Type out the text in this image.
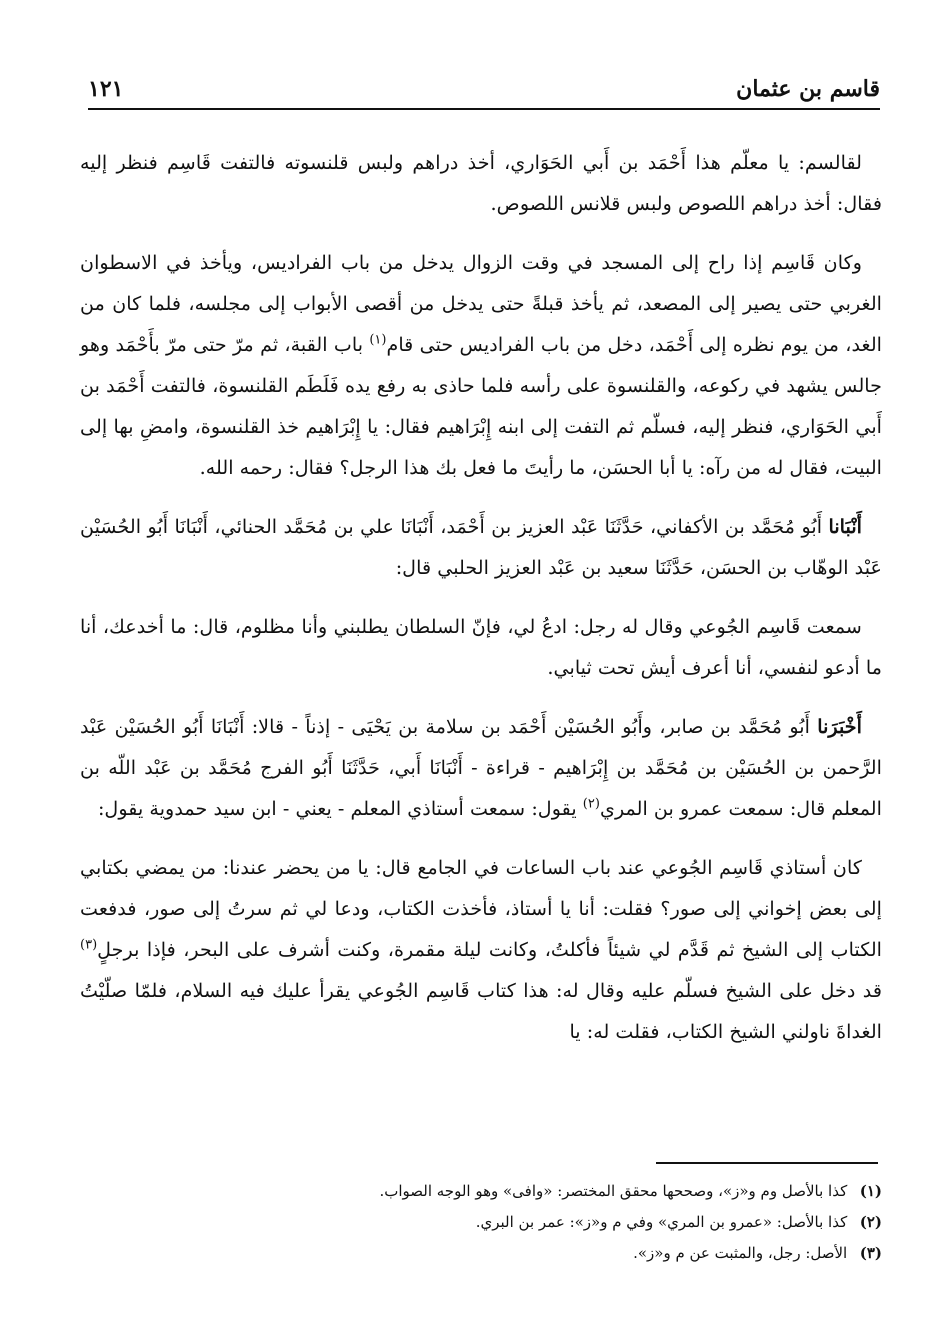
قاسم بن عثمان
١٢١

لقالسم: يا معلّم هذا أَحْمَد بن أَبي الحَوَاري، أخذ دراهم ولبس قلنسوته فالتفت قَاسِم فنظر إليه فقال: أخذ دراهم اللصوص ولبس قلانس اللصوص.

وكان قَاسِم إذا راح إلى المسجد في وقت الزوال يدخل من باب الفراديس، ويأخذ في الاسطوان الغربي حتى يصير إلى المصعد، ثم يأخذ قبلةً حتى يدخل من أقصى الأبواب إلى مجلسه، فلما كان من الغد، من يوم نظره إلى أَحْمَد، دخل من باب الفراديس حتى قام$^{(١)}$ باب القبة، ثم مرّ حتى مرّ بأَحْمَد وهو جالس يشهد في ركوعه، والقلنسوة على رأسه فلما حاذى به رفع يده فَلَطَم القلنسوة، فالتفت أَحْمَد بن أَبي الحَوَاري، فنظر إليه، فسلّم ثم التفت إلى ابنه إِبْرَاهيم فقال: يا إِبْرَاهيم خذ القلنسوة، وامضِ بها إلى البيت، فقال له من رآه: يا أبا الحسَن، ما رأيتَ ما فعل بك هذا الرجل؟ فقال: رحمه الله.

أَنْبَانا أَبُو مُحَمَّد بن الأكفاني، حَدَّثَنَا عَبْد العزيز بن أَحْمَد، أَنْبَانَا علي بن مُحَمَّد الحنائي، أَنْبَانَا أَبُو الحُسَيْن عَبْد الوهّاب بن الحسَن، حَدَّثَنَا سعيد بن عَبْد العزيز الحلبي قال:

سمعت قَاسِم الجُوعي وقال له رجل: ادعُ لي، فإنّ السلطان يطلبني وأنا مظلوم، قال: ما أخدعك، أنا ما أدعو لنفسي، أنا أعرف أيش تحت ثيابي.

أَخْبَرَنا أَبُو مُحَمَّد بن صابر، وأَبُو الحُسَيْن أَحْمَد بن سلامة بن يَحْيَى - إذناً - قالا: أَنْبَانَا أَبُو الحُسَيْن عَبْد الرَّحمن بن الحُسَيْن بن مُحَمَّد بن إِبْرَاهيم - قراءة - أَنْبَانَا أَبي، حَدَّثَنَا أَبُو الفرج مُحَمَّد بن عَبْد اللّه بن المعلم قال: سمعت عمرو بن المري$^{(٢)}$ يقول: سمعت أستاذي المعلم - يعني - ابن سيد حمدوية يقول:

كان أستاذي قَاسِم الجُوعي عند باب الساعات في الجامع قال: يا من يحضر عندنا: من يمضي بكتابي إلى بعض إخواني إلى صور؟ فقلت: أنا يا أستاذ، فأخذت الكتاب، ودعا لي ثم سرتُ إلى صور، فدفعت الكتاب إلى الشيخ ثم قَدَّم لي شيئاً فأكلتُ، وكانت ليلة مقمرة، وكنت أشرف على البحر، فإذا برجلٍ$^{(٣)}$ قد دخل على الشيخ فسلّم عليه وقال له: هذا كتاب قَاسِم الجُوعي يقرأ عليك فيه السلام، فلمّا صلّيْتُ الغداةَ ناولني الشيخ الكتاب، فقلت له: يا

(١) كذا بالأصل وم و«ز»، وصححها محقق المختصر: «وافى» وهو الوجه الصواب.

(٢) كذا بالأصل: «عمرو بن المري» وفي م و«ز»: عمر بن البري.

(٣) الأصل: رجل، والمثبت عن م و«ز».
